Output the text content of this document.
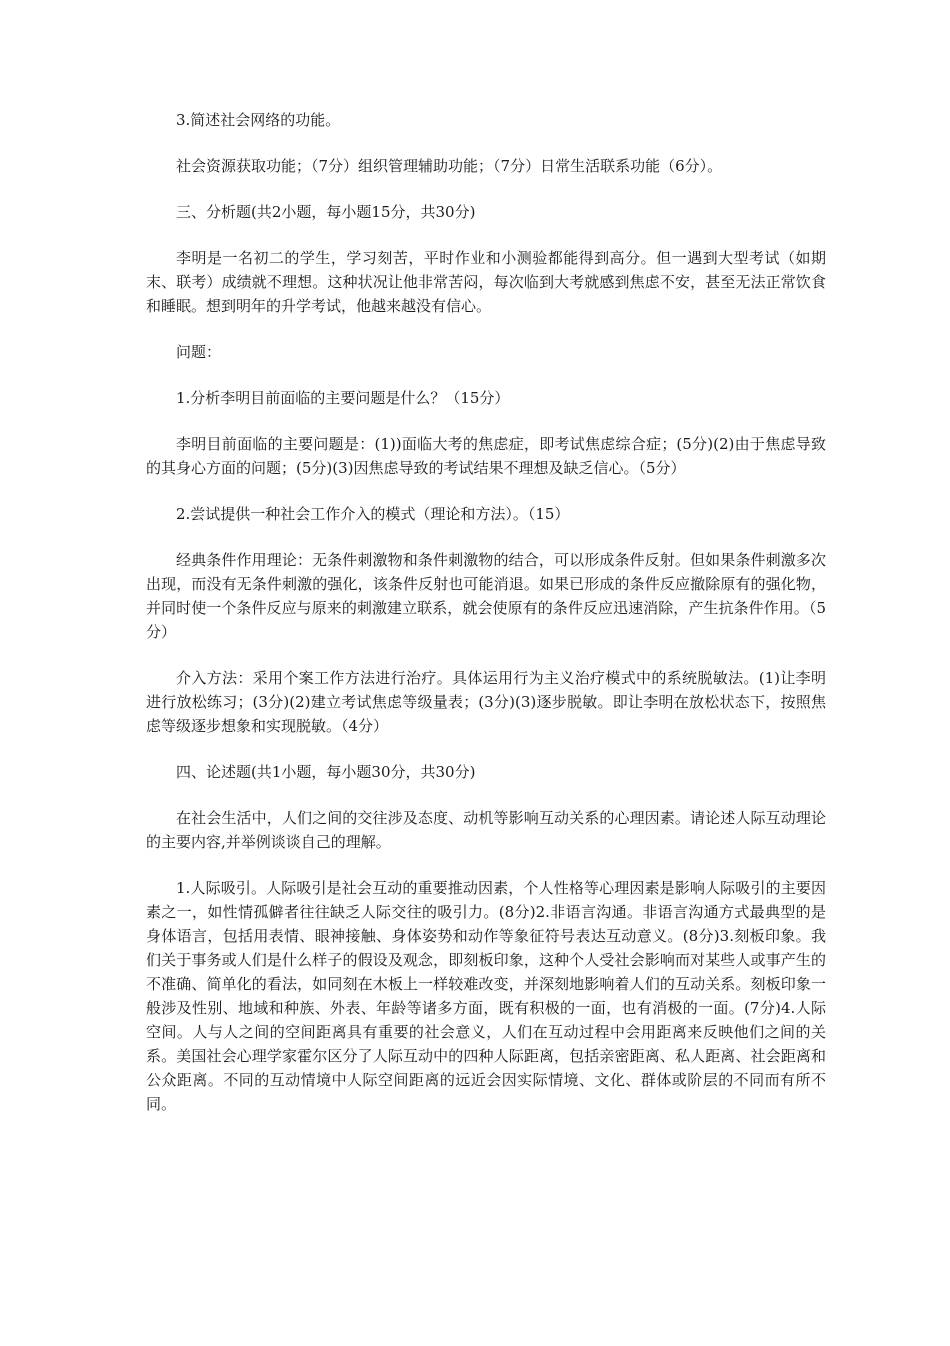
3.简述社会网络的功能。

社会资源获取功能；（7分）组织管理辅助功能；（7分）日常生活联系功能（6分）。

三、分析题(共2小题，每小题15分，共30分)

李明是一名初二的学生，学习刻苦，平时作业和小测验都能得到高分。但一遇到大型考试（如期末、联考）成绩就不理想。这种状况让他非常苦闷，每次临到大考就感到焦虑不安，甚至无法正常饮食和睡眠。想到明年的升学考试，他越来越没有信心。

问题：

1.分析李明目前面临的主要问题是什么？（15分）

李明目前面临的主要问题是：(1))面临大考的焦虑症，即考试焦虑综合症；(5分)(2)由于焦虑导致的其身心方面的问题；(5分)(3)因焦虑导致的考试结果不理想及缺乏信心。（5分）

2.尝试提供一种社会工作介入的模式（理论和方法）。（15）

经典条件作用理论：无条件刺激物和条件刺激物的结合，可以形成条件反射。但如果条件刺激多次出现，而没有无条件刺激的强化，该条件反射也可能消退。如果已形成的条件反应撤除原有的强化物，并同时使一个条件反应与原来的刺激建立联系，就会使原有的条件反应迅速消除，产生抗条件作用。（5分）

介入方法：采用个案工作方法进行治疗。具体运用行为主义治疗模式中的系统脱敏法。(1)让李明进行放松练习；(3分)(2)建立考试焦虑等级量表；(3分)(3)逐步脱敏。即让李明在放松状态下，按照焦虑等级逐步想象和实现脱敏。（4分）

四、论述题(共1小题，每小题30分，共30分)

在社会生活中，人们之间的交往涉及态度、动机等影响互动关系的心理因素。请论述人际互动理论的主要内容,并举例谈谈自己的理解。

1.人际吸引。人际吸引是社会互动的重要推动因素，个人性格等心理因素是影响人际吸引的主要因素之一，如性情孤僻者往往缺乏人际交往的吸引力。(8分)2.非语言沟通。非语言沟通方式最典型的是身体语言，包括用表情、眼神接触、身体姿势和动作等象征符号表达互动意义。(8分)3.刻板印象。我们关于事务或人们是什么样子的假设及观念，即刻板印象，这种个人受社会影响而对某些人或事产生的不准确、简单化的看法，如同刻在木板上一样较难改变，并深刻地影响着人们的互动关系。刻板印象一般涉及性别、地域和种族、外表、年龄等诸多方面，既有积极的一面，也有消极的一面。(7分)4.人际空间。人与人之间的空间距离具有重要的社会意义，人们在互动过程中会用距离来反映他们之间的关系。美国社会心理学家霍尔区分了人际互动中的四种人际距离，包括亲密距离、私人距离、社会距离和公众距离。不同的互动情境中人际空间距离的远近会因实际情境、文化、群体或阶层的不同而有所不同。
